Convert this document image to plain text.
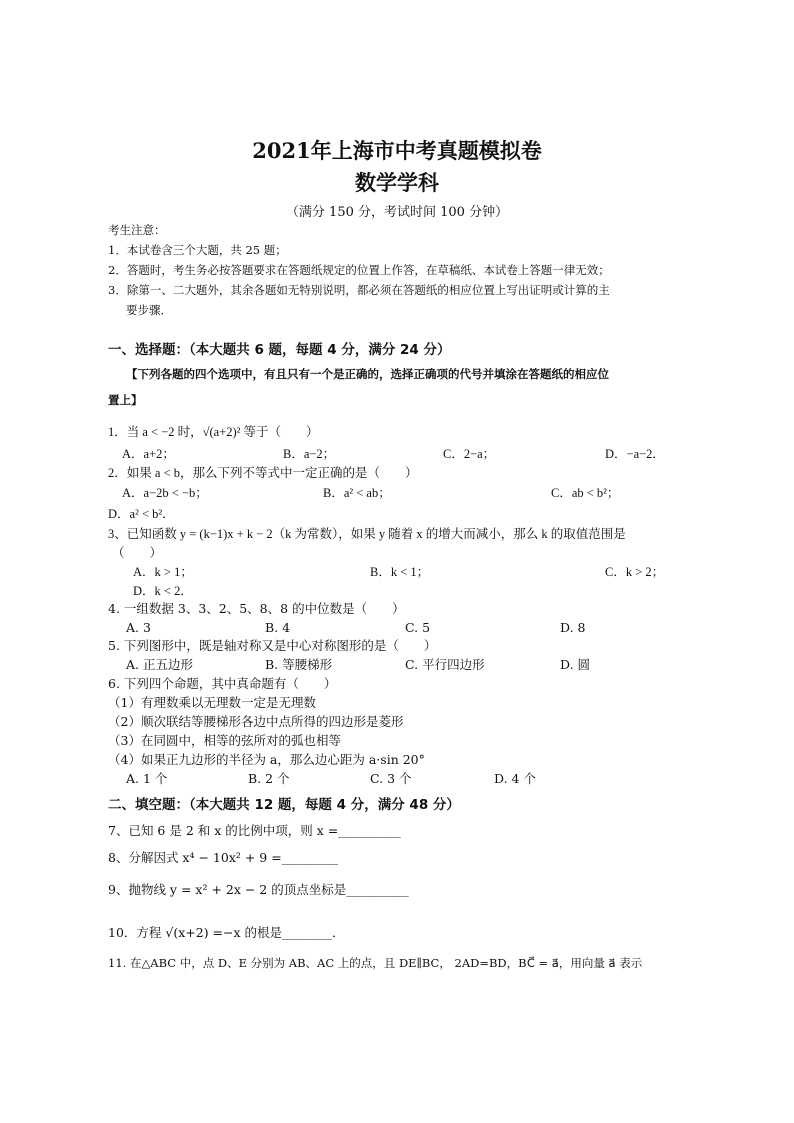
2021年上海市中考真题模拟卷
数学学科
（满分 150 分，考试时间 100 分钟）
考生注意：
1．本试卷含三个大题，共 25 题；
2．答题时，考生务必按答题要求在答题纸规定的位置上作答，在草稿纸、本试卷上答题一律无效；
3．除第一、二大题外，其余各题如无特别说明，都必须在答题纸的相应位置上写出证明或计算的主
要步骤．
一、选择题：（本大题共 6 题，每题 4 分，满分 24 分）
【下列各题的四个选项中，有且只有一个是正确的，选择正确项的代号并填涂在答题纸的相应位
置上】
1．当 a < −2 时，√(a+2)² 等于（　　）
A．a+2；	B．a−2；	C．2−a；	D．−a−2．
2．如果 a < b，那么下列不等式中一定正确的是（　　）
A．a−2b < −b；	B．a² < ab；	C．ab < b²；
D．a² < b²．
3、已知函数 y = (k−1)x + k − 2（k 为常数），如果 y 随着 x 的增大而减小，那么 k 的取值范围是
（　　）
A．k > 1；	B．k < 1；	C．k > 2；
D．k < 2．
4. 一组数据 3、3、2、5、8、8 的中位数是（　　）
A. 3	B. 4	C. 5	D. 8
5. 下列图形中，既是轴对称又是中心对称图形的是（　　）
A. 正五边形	B. 等腰梯形	C. 平行四边形	D. 圆
6. 下列四个命题，其中真命题有（　　）
（1）有理数乘以无理数一定是无理数
（2）顺次联结等腰梯形各边中点所得的四边形是菱形
（3）在同圆中，相等的弦所对的弧也相等
（4）如果正九边形的半径为 a，那么边心距为 a·sin 20°
A. 1 个	B. 2 个	C. 3 个	D. 4 个
二、填空题：（本大题共 12 题，每题 4 分，满分 48 分）
7、已知 6 是 2 和 x 的比例中项，则 x =__________
8、分解因式 x⁴ − 10x² + 9 =_________
9、抛物线 y = x² + 2x − 2 的顶点坐标是__________
10．方程 √(x+2) =−x 的根是________．
11. 在△ABC 中，点 D、E 分别为 AB、AC 上的点，且 DE∥BC， 2AD=BD，BC⃗ = a⃗，用向量 a⃗ 表示
